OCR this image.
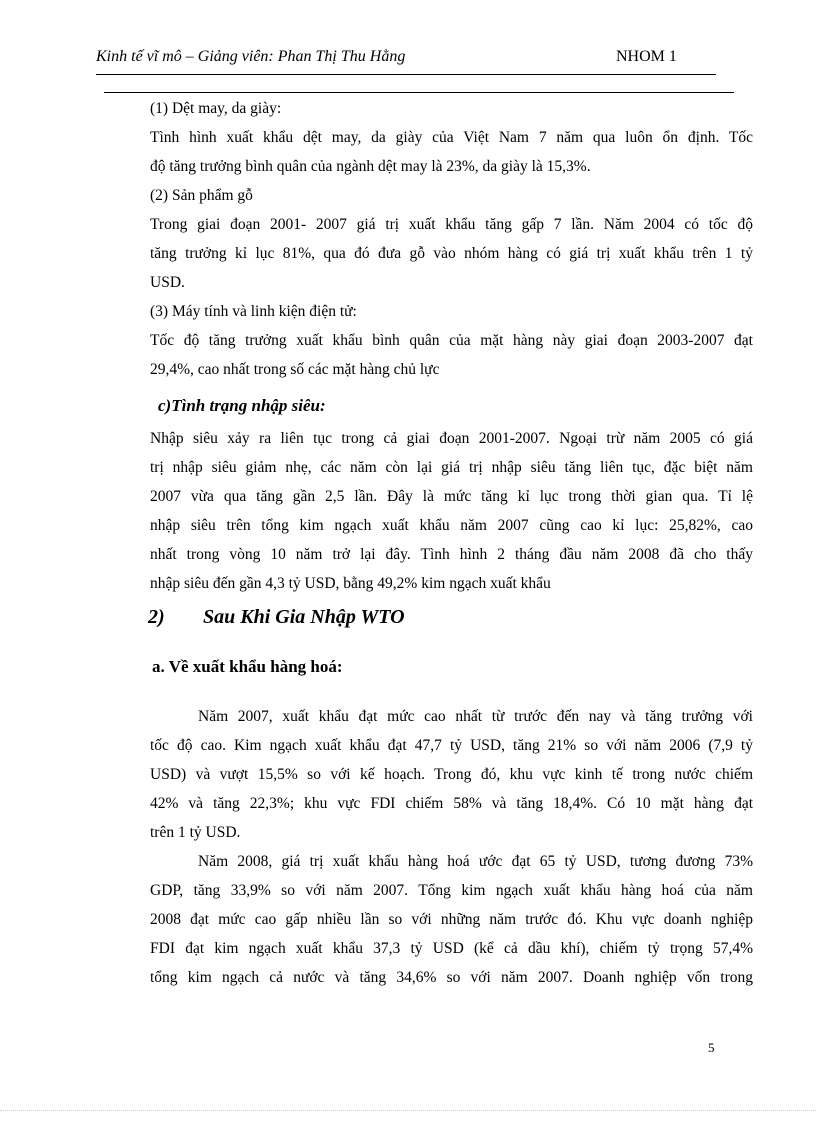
Kinh tế vĩ mô – Giảng viên: Phan Thị Thu Hằng	NHOM 1
(1) Dệt may, da giày:
Tình hình xuất khẩu dệt may, da giày của Việt Nam 7 năm qua luôn ổn định. Tốc
độ tăng trưởng bình quân của ngành dệt may là 23%, da giày là 15,3%.
(2) Sản phẩm gỗ
Trong giai đoạn 2001- 2007 giá trị xuất khẩu tăng gấp 7 lần. Năm 2004 có tốc độ
tăng trưởng kỉ lục 81%, qua đó đưa gỗ vào nhóm hàng có giá trị xuất khẩu trên 1 tỷ
USD.
(3) Máy tính và linh kiện điện tử:
Tốc độ tăng trưởng xuất khẩu bình quân của mặt hàng này giai đoạn 2003-2007 đạt
29,4%, cao nhất trong số các mặt hàng chủ lực
c)Tình trạng nhập siêu:
Nhập siêu xảy ra liên tục trong cả giai đoạn 2001-2007. Ngoại trừ năm 2005 có giá
trị nhập siêu giảm nhẹ, các năm còn lại giá trị nhập siêu tăng liên tục, đặc biệt năm
2007 vừa qua tăng gần 2,5 lần. Đây là mức tăng kỉ lục trong thời gian qua. Tỉ lệ
nhập siêu trên tổng kim ngạch xuất khẩu năm 2007 cũng cao kỉ lục: 25,82%, cao
nhất trong vòng 10 năm trở lại đây. Tình hình 2 tháng đầu năm 2008 đã cho thấy
nhập siêu đến gần 4,3 tỷ USD, bằng 49,2% kim ngạch xuất khẩu
2) Sau Khi Gia Nhập WTO
a. Về xuất khẩu hàng hoá:
Năm 2007, xuất khẩu đạt mức cao nhất từ trước đến nay và tăng trưởng với
tốc độ cao. Kim ngạch xuất khẩu đạt 47,7 tỷ USD, tăng 21% so với năm 2006 (7,9 tỷ
USD) và vượt 15,5% so với kế hoạch. Trong đó, khu vực kinh tế trong nước chiếm
42% và tăng 22,3%; khu vực FDI chiếm 58% và tăng 18,4%. Có 10 mặt hàng đạt
trên 1 tỷ USD.
Năm 2008, giá trị xuất khẩu hàng hoá ước đạt 65 tỷ USD, tương đương 73%
GDP, tăng 33,9% so với năm 2007. Tổng kim ngạch xuất khẩu hàng hoá của năm
2008 đạt mức cao gấp nhiều lần so với những năm trước đó. Khu vực doanh nghiệp
FDI đạt kim ngạch xuất khẩu 37,3 tỷ USD (kể cả dầu khí), chiếm tỷ trọng 57,4%
tổng kim ngạch cả nước và tăng 34,6% so với năm 2007. Doanh nghiệp vốn trong
5
